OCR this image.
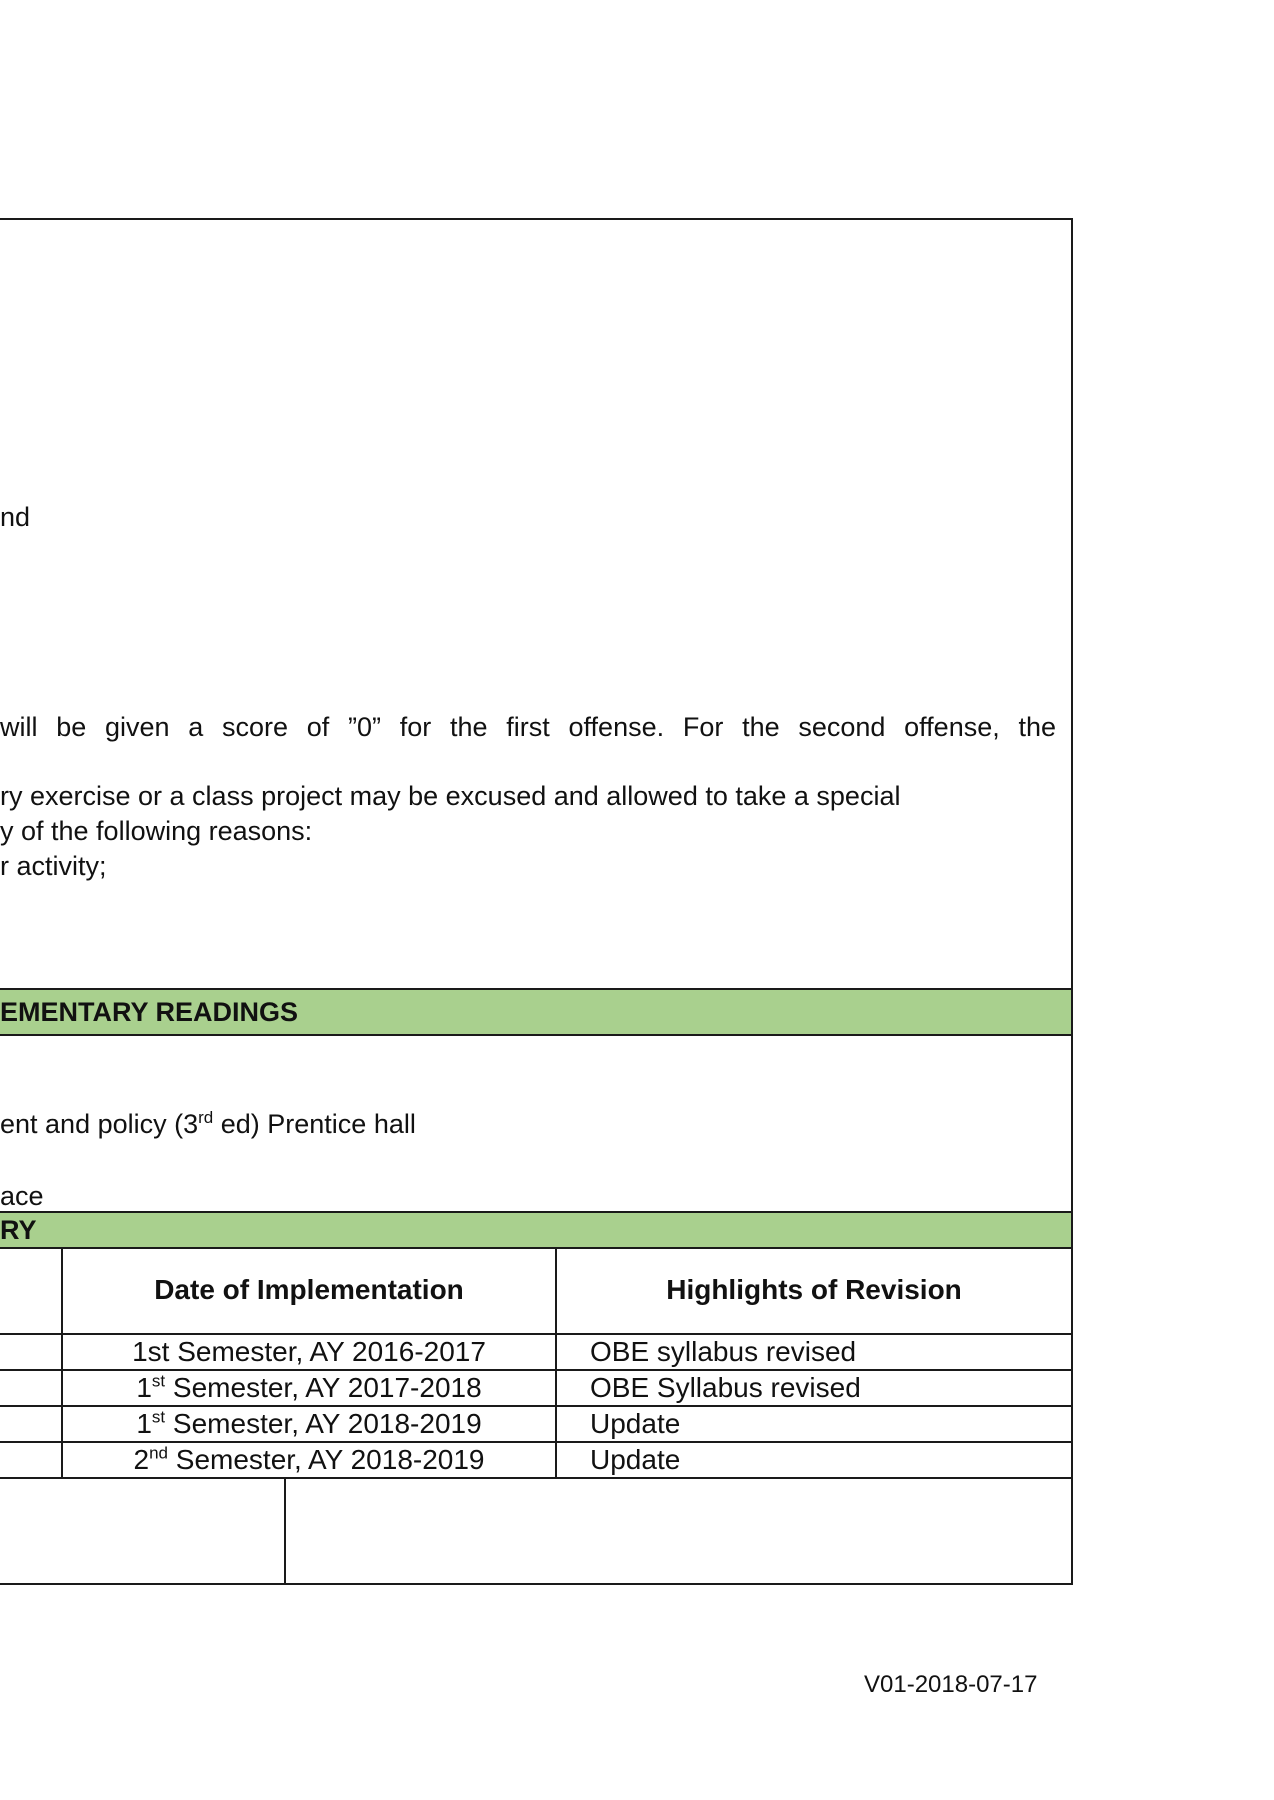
nd
will be given a score of ”0” for the first offense. For the second offense, the
ry exercise or a class project may be excused and allowed to take a special
y of the following reasons:
r activity;
EMENTARY READINGS
ent and policy (3rd ed) Prentice hall
ace
RY
Date of Implementation	Highlights of Revision
1st Semester, AY 2016-2017	OBE syllabus revised
1st Semester, AY 2017-2018	OBE Syllabus revised
1st Semester, AY 2018-2019	Update
2nd Semester, AY 2018-2019	Update
V01-2018-07-17
